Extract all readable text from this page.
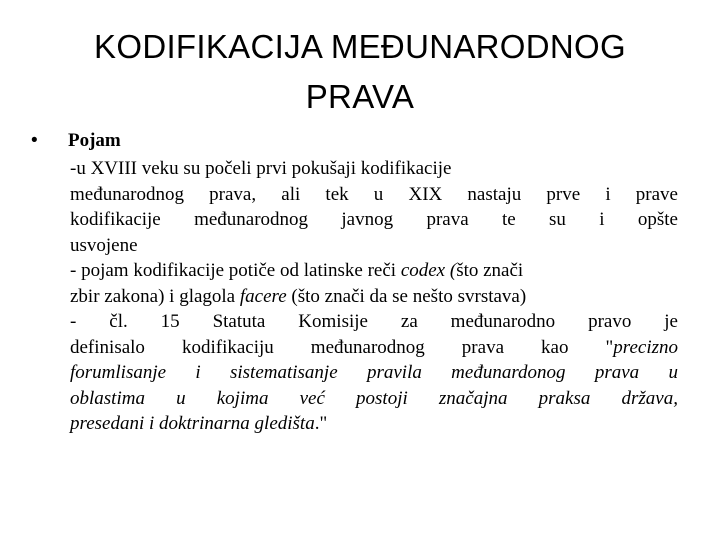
KODIFIKACIJA MEĐUNARODNOG
PRAVA
• Pojam

-u XVIII veku su počeli prvi pokušaji kodifikacije
međunarodnog prava, ali tek u XIX nastaju prve i prave
kodifikacije međunarodnog javnog prava te su i opšte
usvojene

- pojam kodifikacije potiče od latinske reči codex (što znači
zbir zakona) i glagola facere (što znači da se nešto svrstava)

- čl. 15 Statuta Komisije za međunarodno pravo je
definisalo kodifikaciju međunarodnog prava kao "precizno
forumlisanje i sistematisanje pravila međunardonog prava u
oblastima u kojima već postoji značajna praksa država,
presedani i doktrinarna gledišta."
